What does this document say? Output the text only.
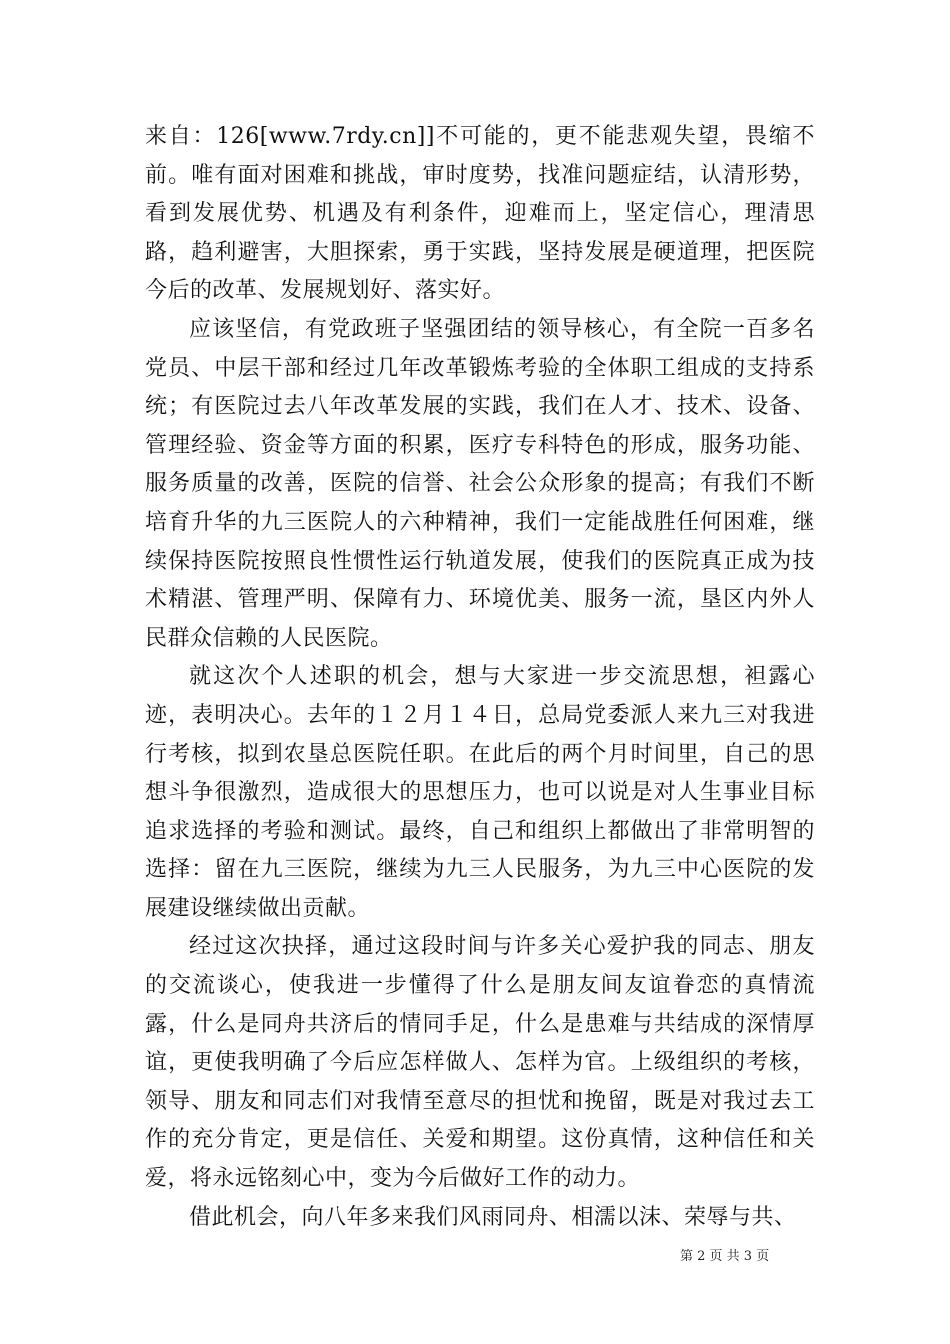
来自：126[www.7rdy.cn]]不可能的，更不能悲观失望，畏缩不前。唯有面对困难和挑战，审时度势，找准问题症结，认清形势，看到发展优势、机遇及有利条件，迎难而上，坚定信心，理清思路，趋利避害，大胆探索，勇于实践，坚持发展是硬道理，把医院今后的改革、发展规划好、落实好。

应该坚信，有党政班子坚强团结的领导核心，有全院一百多名党员、中层干部和经过几年改革锻炼考验的全体职工组成的支持系统；有医院过去八年改革发展的实践，我们在人才、技术、设备、管理经验、资金等方面的积累，医疗专科特色的形成，服务功能、服务质量的改善，医院的信誉、社会公众形象的提高；有我们不断培育升华的九三医院人的六种精神，我们一定能战胜任何困难，继续保持医院按照良性惯性运行轨道发展，使我们的医院真正成为技术精湛、管理严明、保障有力、环境优美、服务一流，垦区内外人民群众信赖的人民医院。

就这次个人述职的机会，想与大家进一步交流思想，袒露心迹，表明决心。去年的１２月１４日，总局党委派人来九三对我进行考核，拟到农垦总医院任职。在此后的两个月时间里，自己的思想斗争很激烈，造成很大的思想压力，也可以说是对人生事业目标追求选择的考验和测试。最终，自己和组织上都做出了非常明智的选择：留在九三医院，继续为九三人民服务，为九三中心医院的发展建设继续做出贡献。

经过这次抉择，通过这段时间与许多关心爱护我的同志、朋友的交流谈心，使我进一步懂得了什么是朋友间友谊眷恋的真情流露，什么是同舟共济后的情同手足，什么是患难与共结成的深情厚谊，更使我明确了今后应怎样做人、怎样为官。上级组织的考核，领导、朋友和同志们对我情至意尽的担忧和挽留，既是对我过去工作的充分肯定，更是信任、关爱和期望。这份真情，这种信任和关爱，将永远铭刻心中，变为今后做好工作的动力。

借此机会，向八年多来我们风雨同舟、相濡以沫、荣辱与共、

第 2 页 共 3 页
